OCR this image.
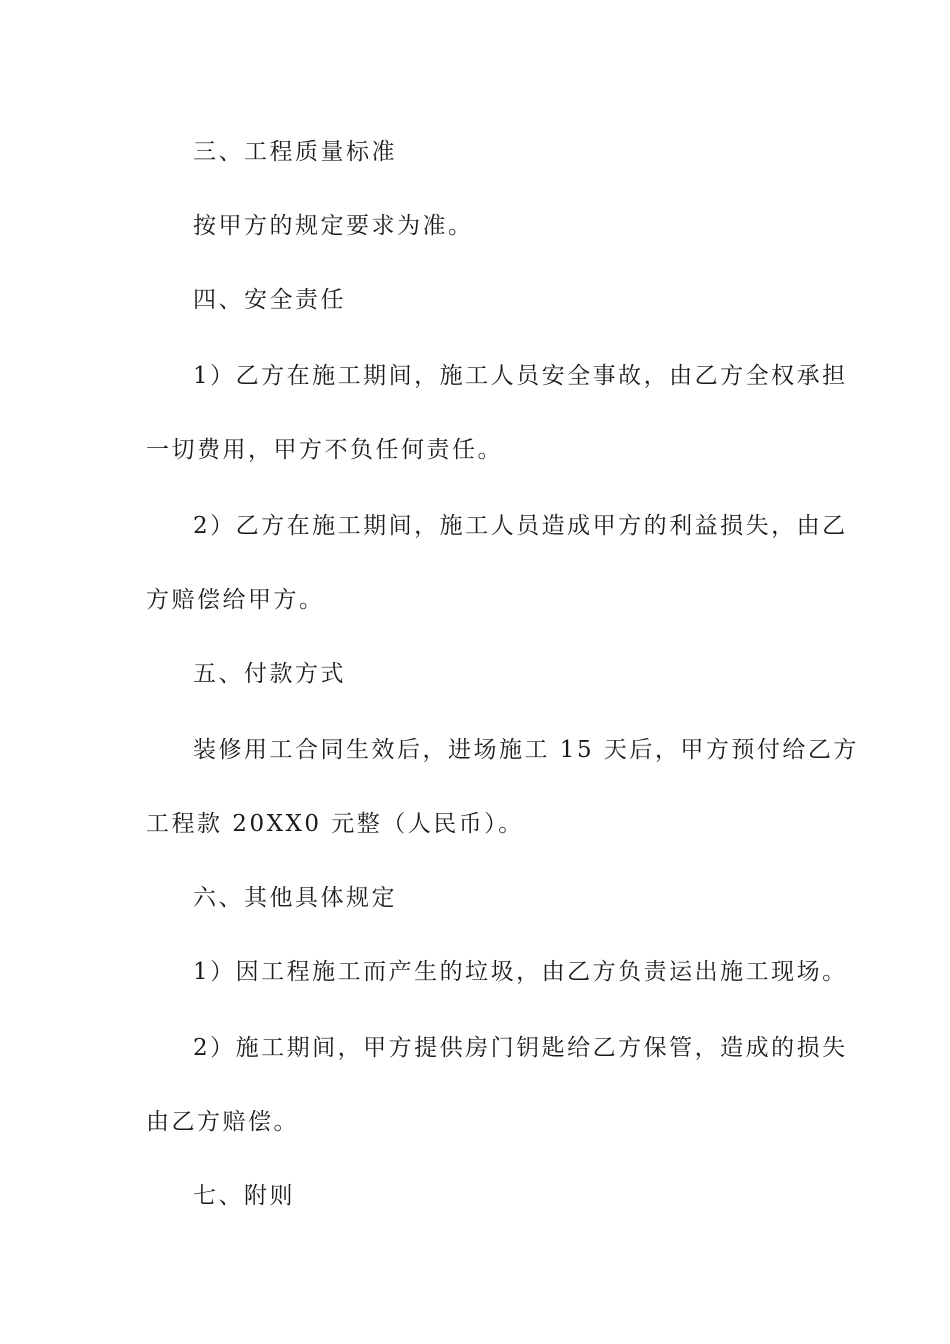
三、工程质量标准
按甲方的规定要求为准。
四、安全责任
1）乙方在施工期间，施工人员安全事故，由乙方全权承担
一切费用，甲方不负任何责任。
2）乙方在施工期间，施工人员造成甲方的利益损失，由乙
方赔偿给甲方。
五、付款方式
装修用工合同生效后，进场施工 15 天后，甲方预付给乙方
工程款 20XX0 元整（人民币）。
六、其他具体规定
1）因工程施工而产生的垃圾，由乙方负责运出施工现场。
2）施工期间，甲方提供房门钥匙给乙方保管，造成的损失
由乙方赔偿。
七、附则
